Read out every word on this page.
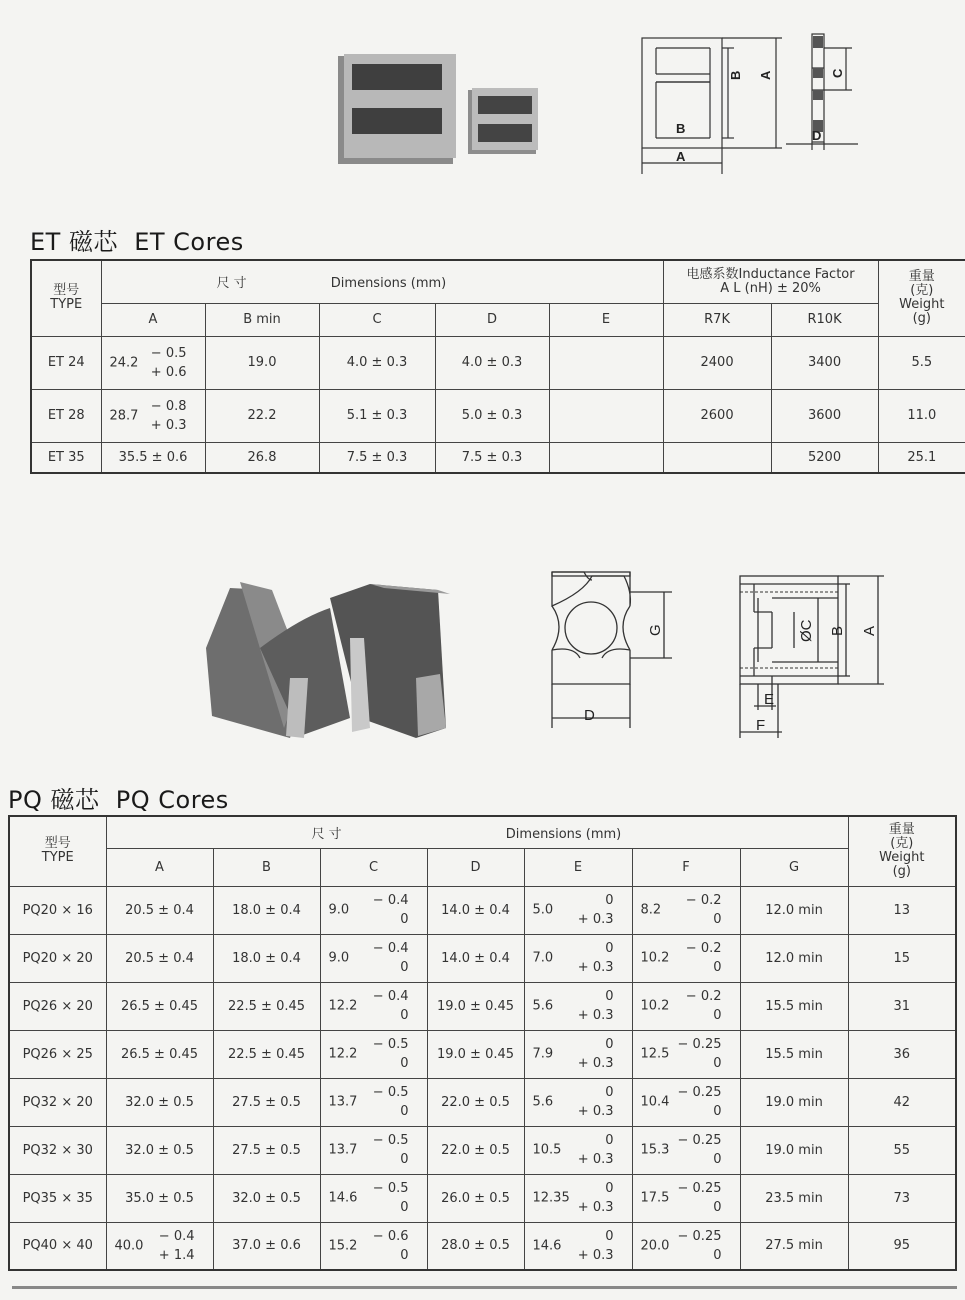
B A
B
A
C
D
ET 磁芯 ET Cores
型号
TYPE	尺 寸 Dimensions (mm)					电感系数Inductance Factor
A L (nH) ± 20%		重量
(克)
Weight
(g)

	A	B min	C	D	E	R7K	R10K	
ET 24	24.2
+ 0.6
− 0.5	19.0	4.0 ± 0.3	4.0 ± 0.3		2400	3400	5.5
ET 28	28.7
+ 0.3
− 0.8	22.2	5.1 ± 0.3	5.0 ± 0.3		2600	3600	11.0
ET 35	35.5 ± 0.6	26.8	7.5 ± 0.3	7.5 ± 0.3			5200	25.1
G
D
ØC B A
E
F
PQ 磁芯 PQ Cores
型号
TYPE	尺 寸 Dimensions (mm)							重量
(克)
Weight
(g)

	A	B	C	D	E	F	G	
PQ20 × 16	20.5 ± 0.4	18.0 ± 0.4	9.0
0
− 0.4	14.0 ± 0.4	5.0
+ 0.3
0	8.2
0
− 0.2	12.0 min	13
PQ20 × 20	20.5 ± 0.4	18.0 ± 0.4	9.0
0
− 0.4	14.0 ± 0.4	7.0
+ 0.3
0	10.2
0
− 0.2	12.0 min	15
PQ26 × 20	26.5 ± 0.45	22.5 ± 0.45	12.2
0
− 0.4	19.0 ± 0.45	5.6
+ 0.3
0	10.2
0
− 0.2	15.5 min	31
PQ26 × 25	26.5 ± 0.45	22.5 ± 0.45	12.2
0
− 0.5	19.0 ± 0.45	7.9
+ 0.3
0	12.5
0
− 0.25	15.5 min	36
PQ32 × 20	32.0 ± 0.5	27.5 ± 0.5	13.7
0
− 0.5	22.0 ± 0.5	5.6
+ 0.3
0	10.4
0
− 0.25	19.0 min	42
PQ32 × 30	32.0 ± 0.5	27.5 ± 0.5	13.7
0
− 0.5	22.0 ± 0.5	10.5
+ 0.3
0	15.3
0
− 0.25	19.0 min	55
PQ35 × 35	35.0 ± 0.5	32.0 ± 0.5	14.6
0
− 0.5	26.0 ± 0.5	12.35
+ 0.3
0	17.5
0
− 0.25	23.5 min	73
PQ40 × 40	40.0
+ 1.4
− 0.4	37.0 ± 0.6	15.2
0
− 0.6	28.0 ± 0.5	14.6
+ 0.3
0	20.0
0
− 0.25	27.5 min	95
